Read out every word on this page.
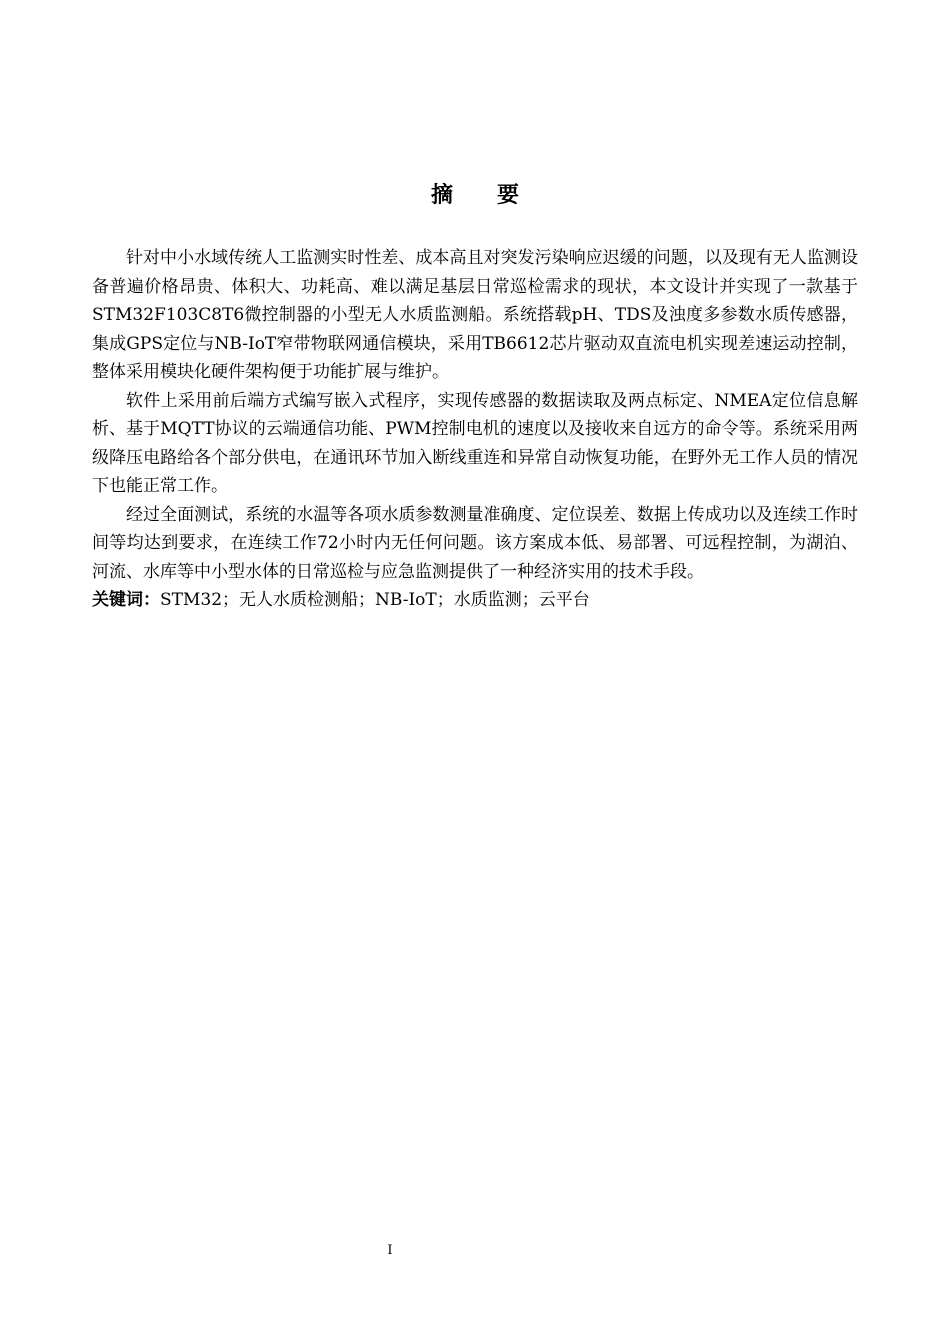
摘 要

针对中小水域传统人工监测实时性差、成本高且对突发污染响应迟缓的问题，以及现有无人监测设备普遍价格昂贵、体积大、功耗高、难以满足基层日常巡检需求的现状，本文设计并实现了一款基于STM32F103C8T6微控制器的小型无人水质监测船。系统搭载pH、TDS及浊度多参数水质传感器，集成GPS定位与NB-IoT窄带物联网通信模块，采用TB6612芯片驱动双直流电机实现差速运动控制，整体采用模块化硬件架构便于功能扩展与维护。

软件上采用前后端方式编写嵌入式程序，实现传感器的数据读取及两点标定、NMEA定位信息解析、基于MQTT协议的云端通信功能、PWM控制电机的速度以及接收来自远方的命令等。系统采用两级降压电路给各个部分供电，在通讯环节加入断线重连和异常自动恢复功能，在野外无工作人员的情况下也能正常工作。

经过全面测试，系统的水温等各项水质参数测量准确度、定位误差、数据上传成功以及连续工作时间等均达到要求，在连续工作72小时内无任何问题。该方案成本低、易部署、可远程控制，为湖泊、河流、水库等中小型水体的日常巡检与应急监测提供了一种经济实用的技术手段。

关键词：STM32；无人水质检测船；NB-IoT；水质监测；云平台

I
